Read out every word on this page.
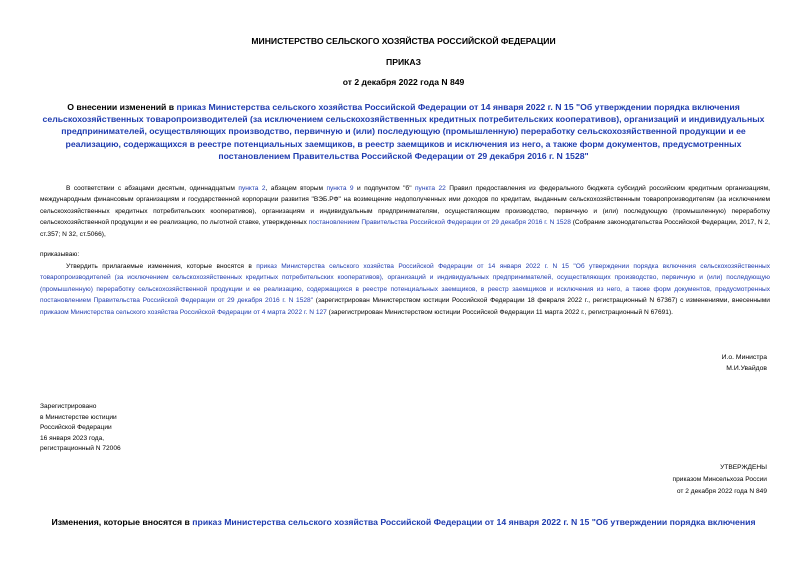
МИНИСТЕРСТВО СЕЛЬСКОГО ХОЗЯЙСТВА РОССИЙСКОЙ ФЕДЕРАЦИИ
ПРИКАЗ
от 2 декабря 2022 года N 849
О внесении изменений в приказ Министерства сельского хозяйства Российской Федерации от 14 января 2022 г. N 15 "Об утверждении порядка включения сельскохозяйственных товаропроизводителей (за исключением сельскохозяйственных кредитных потребительских кооперативов), организаций и индивидуальных предпринимателей, осуществляющих производство, первичную и (или) последующую (промышленную) переработку сельскохозяйственной продукции и ее реализацию, содержащихся в реестре потенциальных заемщиков, в реестр заемщиков и исключения из него, а также форм документов, предусмотренных постановлением Правительства Российской Федерации от 29 декабря 2016 г. N 1528"
В соответствии с абзацами десятым, одиннадцатым пункта 2, абзацем вторым пункта 9 и подпунктом "б" пункта 22 Правил предоставления из федерального бюджета субсидий российским кредитным организациям, международным финансовым организациям и государственной корпорации развития "ВЭБ.РФ" на возмещение недополученных ими доходов по кредитам, выданным сельскохозяйственным товаропроизводителям (за исключением сельскохозяйственных кредитных потребительских кооперативов), организациям и индивидуальным предпринимателям, осуществляющим производство, первичную и (или) последующую (промышленную) переработку сельскохозяйственной продукции и ее реализацию, по льготной ставке, утвержденных постановлением Правительства Российской Федерации от 29 декабря 2016 г. N 1528 (Собрание законодательства Российской Федерации, 2017, N 2, ст.357; N 32, ст.5066),
приказываю:
Утвердить прилагаемые изменения, которые вносятся в приказ Министерства сельского хозяйства Российской Федерации от 14 января 2022 г. N 15 "Об утверждении порядка включения сельскохозяйственных товаропроизводителей (за исключением сельскохозяйственных кредитных потребительских кооперативов), организаций и индивидуальных предпринимателей, осуществляющих производство, первичную и (или) последующую (промышленную) переработку сельскохозяйственной продукции и ее реализацию, содержащихся в реестре потенциальных заемщиков, в реестр заемщиков и исключения из него, а также форм документов, предусмотренных постановлением Правительства Российской Федерации от 29 декабря 2016 г. N 1528" (зарегистрирован Министерством юстиции Российской Федерации 18 февраля 2022 г., регистрационный N 67367) с изменениями, внесенными приказом Министерства сельского хозяйства Российской Федерации от 4 марта 2022 г. N 127 (зарегистрирован Министерством юстиции Российской Федерации 11 марта 2022 г., регистрационный N 67691).
И.о. Министра
М.И.Увайдов
Зарегистрировано
в Министерстве юстиции
Российской Федерации
16 января 2023 года,
регистрационный N 72006
УТВЕРЖДЕНЫ
приказом Минсельхоза России
от 2 декабря 2022 года N 849
Изменения, которые вносятся в приказ Министерства сельского хозяйства Российской Федерации от 14 января 2022 г. N 15 "Об утверждении порядка включения
